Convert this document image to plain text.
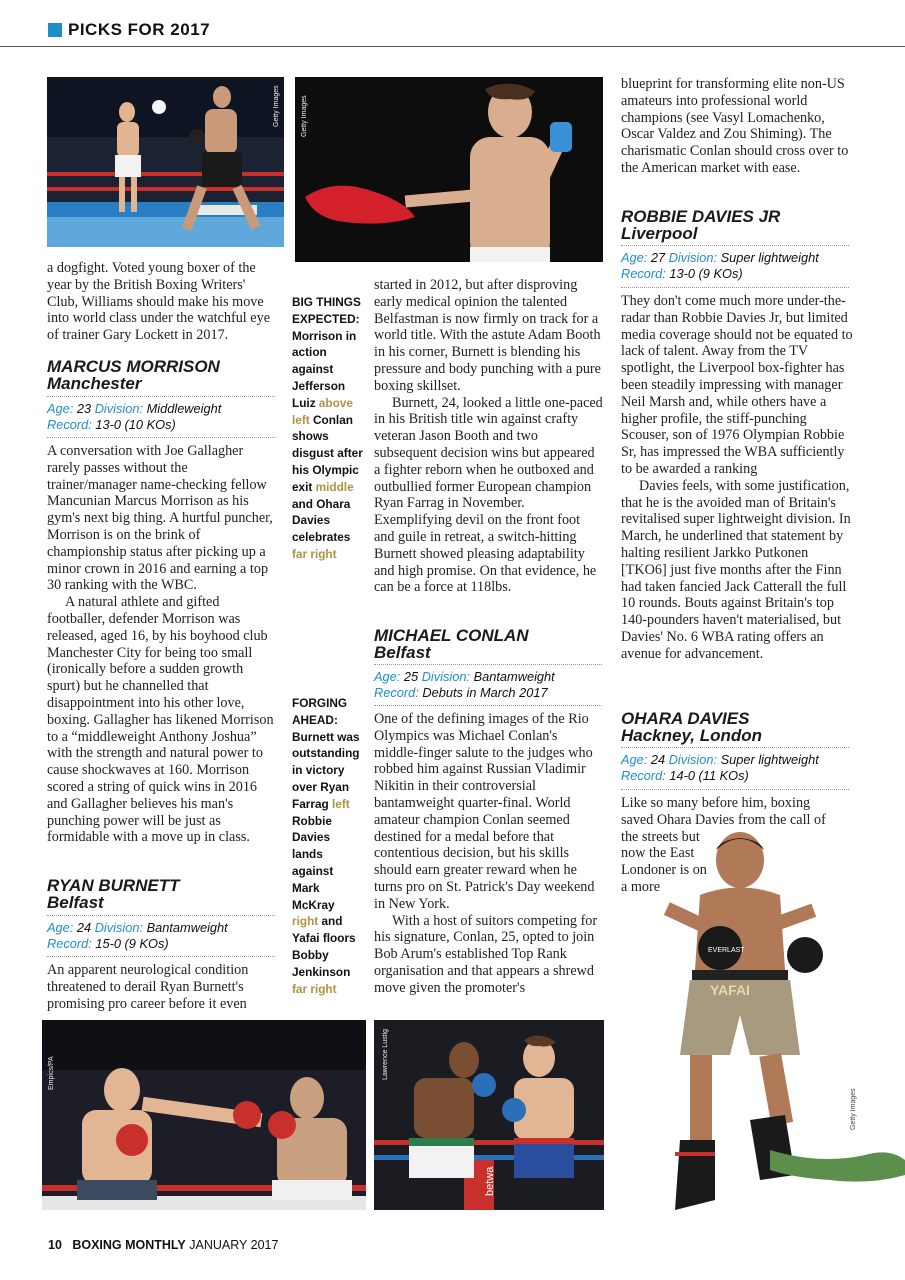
PICKS FOR 2017
Getty Images	Getty Images

a dogfight. Voted young boxer of the year by the British Boxing Writers' Club, Williams should make his move into world class under the watchful eye of trainer Gary Lockett in 2017.

MARCUS MORRISON
Manchester
Age: 23 Division: Middleweight
Record: 13-0 (10 KOs)

A conversation with Joe Gallagher rarely passes without the trainer/manager name-checking fellow Mancunian Marcus Morrison as his gym's next big thing. A hurtful puncher, Morrison is on the brink of championship status after picking up a minor crown in 2016 and earning a top 30 ranking with the WBC.

A natural athlete and gifted footballer, defender Morrison was released, aged 16, by his boyhood club Manchester City for being too small (ironically before a sudden growth spurt) but he channelled that disappointment into his other love, boxing. Gallagher has likened Morrison to a “middleweight Anthony Joshua” with the strength and natural power to cause shockwaves at 160. Morrison scored a string of quick wins in 2016 and Gallagher believes his man's punching power will be just as formidable with a move up in class.

RYAN BURNETT
Belfast
Age: 24 Division: Bantamweight
Record: 15-0 (9 KOs)

An apparent neurological condition threatened to derail Ryan Burnett's promising pro career before it even

BIG THINGS EXPECTED: Morrison in action against Jefferson Luiz above left Conlan shows disgust after his Olympic exit middle and Ohara Davies celebrates far right
FORGING AHEAD: Burnett was outstanding in victory over Ryan Farrag left Robbie Davies lands against Mark McKray right and Yafai floors Bobby Jenkinson far right

started in 2012, but after disproving early medical opinion the talented Belfastman is now firmly on track for a world title. With the astute Adam Booth in his corner, Burnett is blending his pressure and body punching with a pure boxing skillset.

Burnett, 24, looked a little one-paced in his British title win against crafty veteran Jason Booth and two subsequent decision wins but appeared a fighter reborn when he outboxed and outbullied former European champion Ryan Farrag in November. Exemplifying devil on the front foot and guile in retreat, a switch-hitting Burnett showed pleasing adaptability and high promise. On that evidence, he can be a force at 118lbs.

MICHAEL CONLAN
Belfast
Age: 25 Division: Bantamweight
Record: Debuts in March 2017

One of the defining images of the Rio Olympics was Michael Conlan's middle-finger salute to the judges who robbed him against Russian Vladimir Nikitin in their controversial bantamweight quarter-final. World amateur champion Conlan seemed destined for a medal before that contentious decision, but his skills should earn greater reward when he turns pro on St. Patrick's Day weekend in New York.

With a host of suitors competing for his signature, Conlan, 25, opted to join Bob Arum's established Top Rank organisation and that appears a shrewd move given the promoter's

blueprint for transforming elite non-US amateurs into professional world champions (see Vasyl Lomachenko, Oscar Valdez and Zou Shiming). The charismatic Conlan should cross over to the American market with ease.

ROBBIE DAVIES JR
Liverpool
Age: 27 Division: Super lightweight
Record: 13-0 (9 KOs)

They don't come much more under-the-radar than Robbie Davies Jr, but limited media coverage should not be equated to lack of talent. Away from the TV spotlight, the Liverpool box-fighter has been steadily impressing with manager Neil Marsh and, while others have a higher profile, the stiff-punching Scouser, son of 1976 Olympian Robbie Sr, has impressed the WBA sufficiently to be awarded a ranking

Davies feels, with some justification, that he is the avoided man of Britain's revitalised super lightweight division. In March, he underlined that statement by halting resilient Jarkko Putkonen [TKO6] just five months after the Finn had taken fancied Jack Catterall the full 10 rounds. Bouts against Britain's top 140-pounders haven't materialised, but Davies' No. 6 WBA rating offers an avenue for advancement.

OHARA DAVIES
Hackney, London
Age: 24 Division: Super lightweight
Record: 14-0 (11 KOs)
Like so many before him, boxing
saved Ohara Davies from the call of
the streets but
now the East
Londoner is on
a more
EVERLAST
YAFAI
Getty Images
Empics/PA
betwa
Lawrence Lustig
10 BOXING MONTHLY JANUARY 2017
